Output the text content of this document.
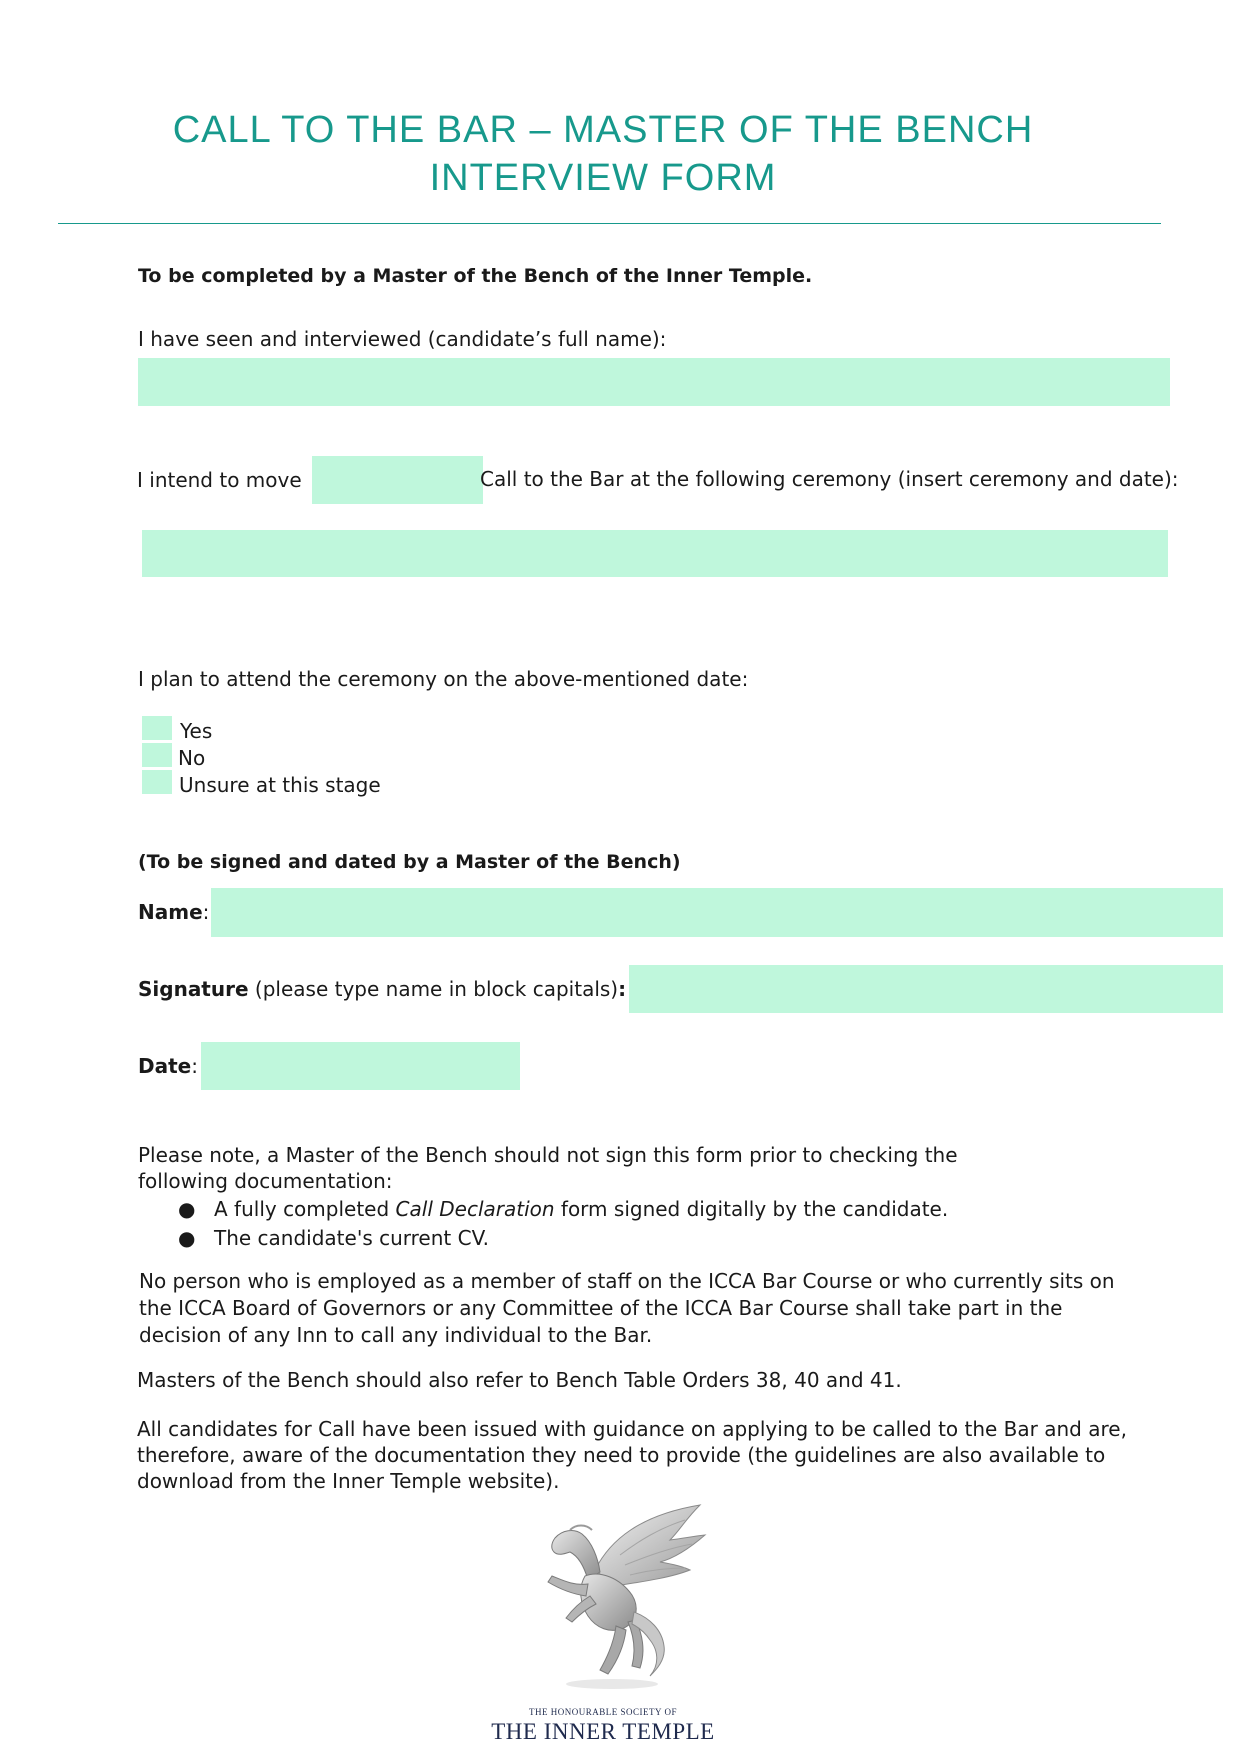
CALL TO THE BAR – MASTER OF THE BENCH
INTERVIEW FORM
To be completed by a Master of the Bench of the Inner Temple.
I have seen and interviewed (candidate’s full name):
I intend to move	Call to the Bar at the following ceremony (insert ceremony and date):
I plan to attend the ceremony on the above-mentioned date:
Yes
No
Unsure at this stage
(To be signed and dated by a Master of the Bench)
Name:
Signature (please type name in block capitals):
Date:
Please note, a Master of the Bench should not sign this form prior to checking the
following documentation:
● A fully completed Call Declaration form signed digitally by the candidate.
● The candidate's current CV.
No person who is employed as a member of staff on the ICCA Bar Course or who currently sits on
the ICCA Board of Governors or any Committee of the ICCA Bar Course shall take part in the
decision of any Inn to call any individual to the Bar.
Masters of the Bench should also refer to Bench Table Orders 38, 40 and 41.
All candidates for Call have been issued with guidance on applying to be called to the Bar and are,
therefore, aware of the documentation they need to provide (the guidelines are also available to
download from the Inner Temple website).
THE HONOURABLE SOCIETY OF
THE INNER TEMPLE
